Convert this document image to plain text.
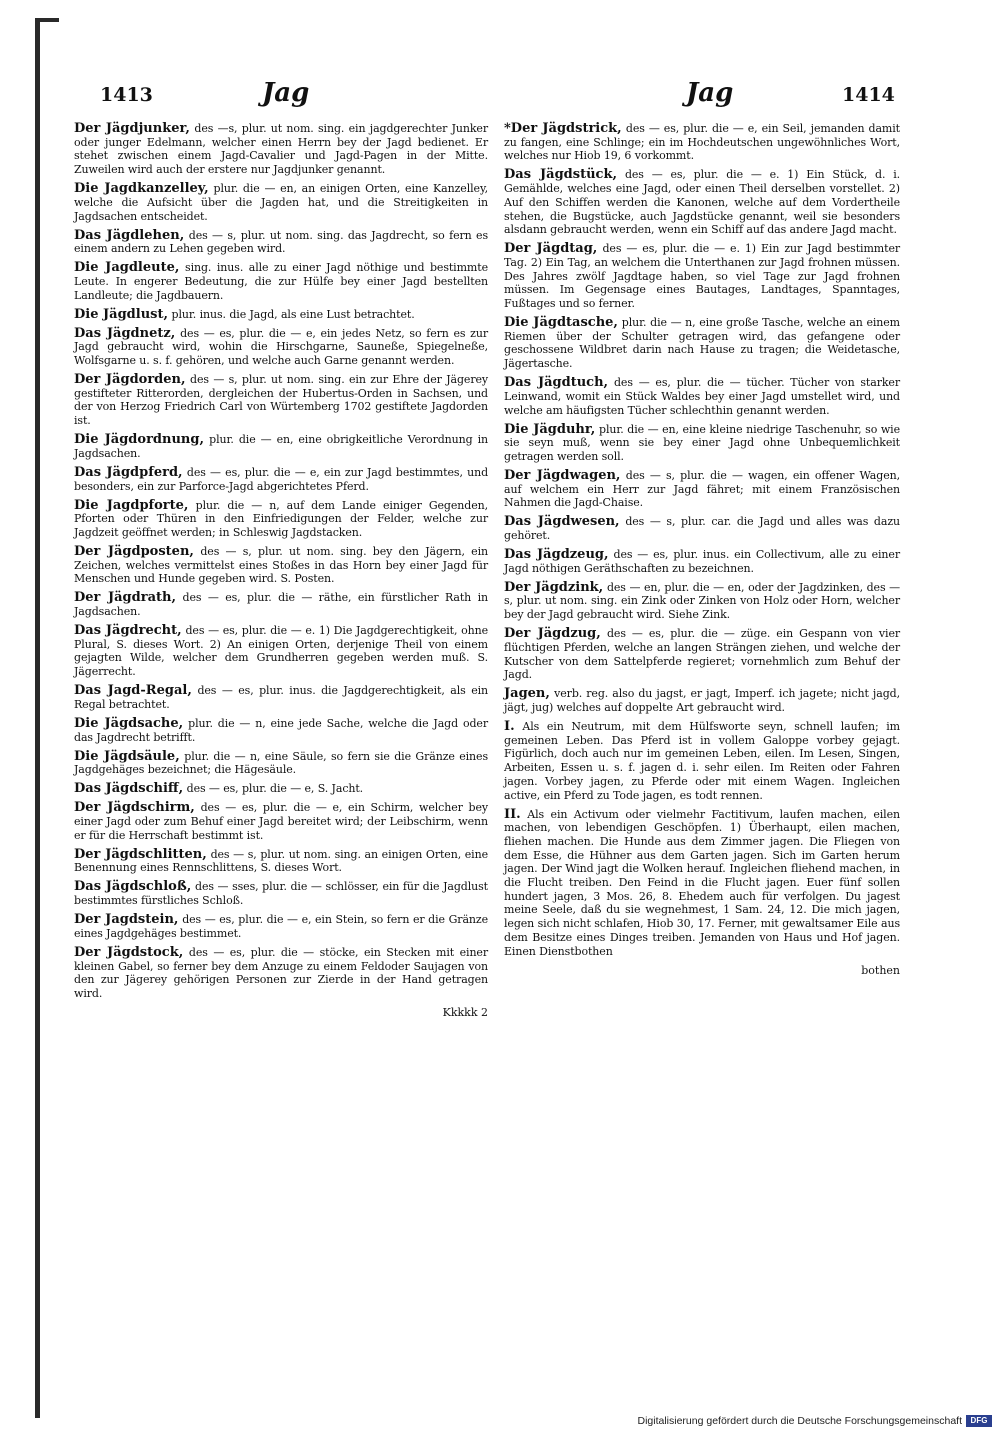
1413	Jag	Jag	1414
Der Jägdjunker, des —s, plur. ut nom. sing. ein jagdgerechter Junker oder junger Edelmann, welcher einen Herrn bey der Jagd bedienet. Er stehet zwischen einem Jagd-Cavalier und Jagd-Pagen in der Mitte. Zuweilen wird auch der erstere nur Jagdjunker genannt.
Die Jagdkanzelley, plur. die — en, an einigen Orten, eine Kanzelley, welche die Aufsicht über die Jagden hat, und die Streitigkeiten in Jagdsachen entscheidet.
Das Jägdlehen, des — s, plur. ut nom. sing. das Jagdrecht, so fern es einem andern zu Lehen gegeben wird.
Die Jagdleute, sing. inus. alle zu einer Jagd nöthige und bestimmte Leute. In engerer Bedeutung, die zur Hülfe bey einer Jagd bestellten Landleute; die Jagdbauern.
Die Jägdlust, plur. inus. die Jagd, als eine Lust betrachtet.
Das Jägdnetz, des — es, plur. die — e, ein jedes Netz, so fern es zur Jagd gebraucht wird, wohin die Hirschgarne, Sauneße, Spiegelneße, Wolfsgarne u. s. f. gehören, und welche auch Garne genannt werden.
Der Jägdorden, des — s, plur. ut nom. sing. ein zur Ehre der Jägerey gestifteter Ritterorden, dergleichen der Hubertus-Orden in Sachsen, und der von Herzog Friedrich Carl von Würtemberg 1702 gestiftete Jagdorden ist.
Die Jägdordnung, plur. die — en, eine obrigkeitliche Verordnung in Jagdsachen.
Das Jägdpferd, des — es, plur. die — e, ein zur Jagd bestimmtes, und besonders, ein zur Parforce-Jagd abgerichtetes Pferd.
Die Jagdpforte, plur. die — n, auf dem Lande einiger Gegenden, Pforten oder Thüren in den Einfriedigungen der Felder, welche zur Jagdzeit geöffnet werden; in Schleswig Jagdstacken.
Der Jägdposten, des — s, plur. ut nom. sing. bey den Jägern, ein Zeichen, welches vermittelst eines Stoßes in das Horn bey einer Jagd für Menschen und Hunde gegeben wird. S. Posten.
Der Jägdrath, des — es, plur. die — räthe, ein fürstlicher Rath in Jagdsachen.
Das Jägdrecht, des — es, plur. die — e. 1) Die Jagdgerechtigkeit, ohne Plural, S. dieses Wort. 2) An einigen Orten, derjenige Theil von einem gejagten Wilde, welcher dem Grundherren gegeben werden muß. S. Jägerrecht.
Das Jagd-Regal, des — es, plur. inus. die Jagdgerechtigkeit, als ein Regal betrachtet.
Die Jägdsache, plur. die — n, eine jede Sache, welche die Jagd oder das Jagdrecht betrifft.
Die Jägdsäule, plur. die — n, eine Säule, so fern sie die Gränze eines Jagdgehäges bezeichnet; die Hägesäule.
Das Jägdschiff, des — es, plur. die — e, S. Jacht.
Der Jägdschirm, des — es, plur. die — e, ein Schirm, welcher bey einer Jagd oder zum Behuf einer Jagd bereitet wird; der Leibschirm, wenn er für die Herrschaft bestimmt ist.
Der Jägdschlitten, des — s, plur. ut nom. sing. an einigen Orten, eine Benennung eines Rennschlittens, S. dieses Wort.
Das Jägdschloß, des — sses, plur. die — schlösser, ein für die Jagdlust bestimmtes fürstliches Schloß.
Der Jagdstein, des — es, plur. die — e, ein Stein, so fern er die Gränze eines Jagdgehäges bestimmet.
Der Jägdstock, des — es, plur. die — stöcke, ein Stecken mit einer kleinen Gabel, so ferner bey dem Anzuge zu einem Feldoder Saujagen von den zur Jägerey gehörigen Personen zur Zierde in der Hand getragen wird.
Kkkkk 2
*Der Jägdstrick, des — es, plur. die — e, ein Seil, jemanden damit zu fangen, eine Schlinge; ein im Hochdeutschen ungewöhnliches Wort, welches nur Hiob 19, 6 vorkommt.
Das Jägdstück, des — es, plur. die — e. 1) Ein Stück, d. i. Gemählde, welches eine Jagd, oder einen Theil derselben vorstellet. 2) Auf den Schiffen werden die Kanonen, welche auf dem Vordertheile stehen, die Bugstücke, auch Jagdstücke genannt, weil sie besonders alsdann gebraucht werden, wenn ein Schiff auf das andere Jagd macht.
Der Jägdtag, des — es, plur. die — e. 1) Ein zur Jagd bestimmter Tag. 2) Ein Tag, an welchem die Unterthanen zur Jagd frohnen müssen. Des Jahres zwölf Jagdtage haben, so viel Tage zur Jagd frohnen müssen. Im Gegensage eines Bautages, Landtages, Spanntages, Fußtages und so ferner.
Die Jägdtasche, plur. die — n, eine große Tasche, welche an einem Riemen über der Schulter getragen wird, das gefangene oder geschossene Wildbret darin nach Hause zu tragen; die Weidetasche, Jägertasche.
Das Jägdtuch, des — es, plur. die — tücher. Tücher von starker Leinwand, womit ein Stück Waldes bey einer Jagd umstellet wird, und welche am häufigsten Tücher schlechthin genannt werden.
Die Jägduhr, plur. die — en, eine kleine niedrige Taschenuhr, so wie sie seyn muß, wenn sie bey einer Jagd ohne Unbequemlichkeit getragen werden soll.
Der Jägdwagen, des — s, plur. die — wagen, ein offener Wagen, auf welchem ein Herr zur Jagd fähret; mit einem Französischen Nahmen die Jagd-Chaise.
Das Jägdwesen, des — s, plur. car. die Jagd und alles was dazu gehöret.
Das Jägdzeug, des — es, plur. inus. ein Collectivum, alle zu einer Jagd nöthigen Geräthschaften zu bezeichnen.
Der Jägdzink, des — en, plur. die — en, oder der Jagdzinken, des — s, plur. ut nom. sing. ein Zink oder Zinken von Holz oder Horn, welcher bey der Jagd gebraucht wird. Siehe Zink.
Der Jägdzug, des — es, plur. die — züge. ein Gespann von vier flüchtigen Pferden, welche an langen Strängen ziehen, und welche der Kutscher von dem Sattelpferde regieret; vornehmlich zum Behuf der Jagd.
Jagen, verb. reg. also du jagst, er jagt, Imperf. ich jagete; nicht jagd, jägt, jug) welches auf doppelte Art gebraucht wird.
I. Als ein Neutrum, mit dem Hülfsworte seyn, schnell laufen; im gemeinen Leben. Das Pferd ist in vollem Galoppe vorbey gejagt. Figürlich, doch auch nur im gemeinen Leben, eilen. Im Lesen, Singen, Arbeiten, Essen u. s. f. jagen d. i. sehr eilen. Im Reiten oder Fahren jagen. Vorbey jagen, zu Pferde oder mit einem Wagen. Ingleichen active, ein Pferd zu Tode jagen, es todt rennen.
II. Als ein Activum oder vielmehr Factitivum, laufen machen, eilen machen, von lebendigen Geschöpfen. 1) Überhaupt, eilen machen, fliehen machen. Die Hunde aus dem Zimmer jagen. Die Fliegen von dem Esse, die Hühner aus dem Garten jagen. Sich im Garten herum jagen. Der Wind jagt die Wolken herauf. Ingleichen fliehend machen, in die Flucht treiben. Den Feind in die Flucht jagen. Euer fünf sollen hundert jagen, 3 Mos. 26, 8. Ehedem auch für verfolgen. Du jagest meine Seele, daß du sie wegnehmest, 1 Sam. 24, 12. Die mich jagen, legen sich nicht schlafen, Hiob 30, 17. Ferner, mit gewaltsamer Eile aus dem Besitze eines Dinges treiben. Jemanden von Haus und Hof jagen. Einen Dienstbothen
bothen
Digitalisierung gefördert durch die Deutsche Forschungsgemeinschaft	DFG
